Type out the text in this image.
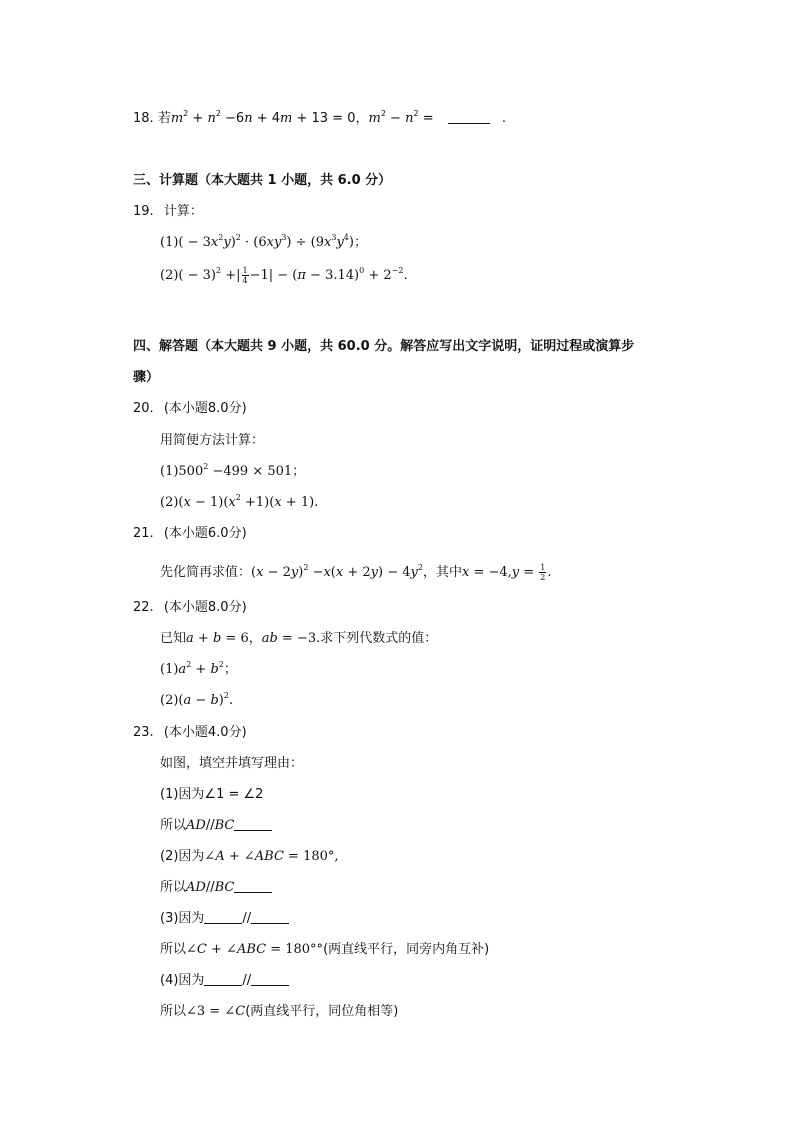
18. 若$m^2 + n^2 -6n + 4m + 13 = 0$，$m^2 - n^2$ =	.
三、计算题（本大题共 1 小题，共 6.0 分）
19. 计算：
$(1)( - 3x^2y)^2 \cdot (6xy^3) \div (9x^3y^4)$；
$(2)( - 3)^2$ +| $\frac{1}{4} -1| - (\pi - 3.14)^0 + 2^{-2}$.
四、解答题（本大题共 9 小题，共 60.0 分。解答应写出文字说明，证明过程或演算步
骤）
20. (本小题8.0分)
用简便方法计算：
$(1)500^2 -499 \times 501$；
$(2)(x - 1)(x^2 +1)(x + 1)$.
21. (本小题6.0分)
先化简再求值：$(x - 2y)^2 -x(x + 2y) - 4y^2$，其中$x = -4,y = \frac{1}{2}$ .
22. (本小题8.0分)
已知a + b = 6，ab = −3.求下列代数式的值：
$(1)a^2 + b^2$；
$(2)(a - b)^2$.
23. (本小题4.0分)
如图，填空并填写理由：
(1)因为∠1 = ∠2
所以AD//BC
(2)因为∠A + ∠ABC = 180°,
所以AD//BC
(3)因为	//
所以∠C + ∠ABC = 180°°(两直线平行，同旁内角互补)
(4)因为	//
所以∠3 = ∠C(两直线平行，同位角相等)
